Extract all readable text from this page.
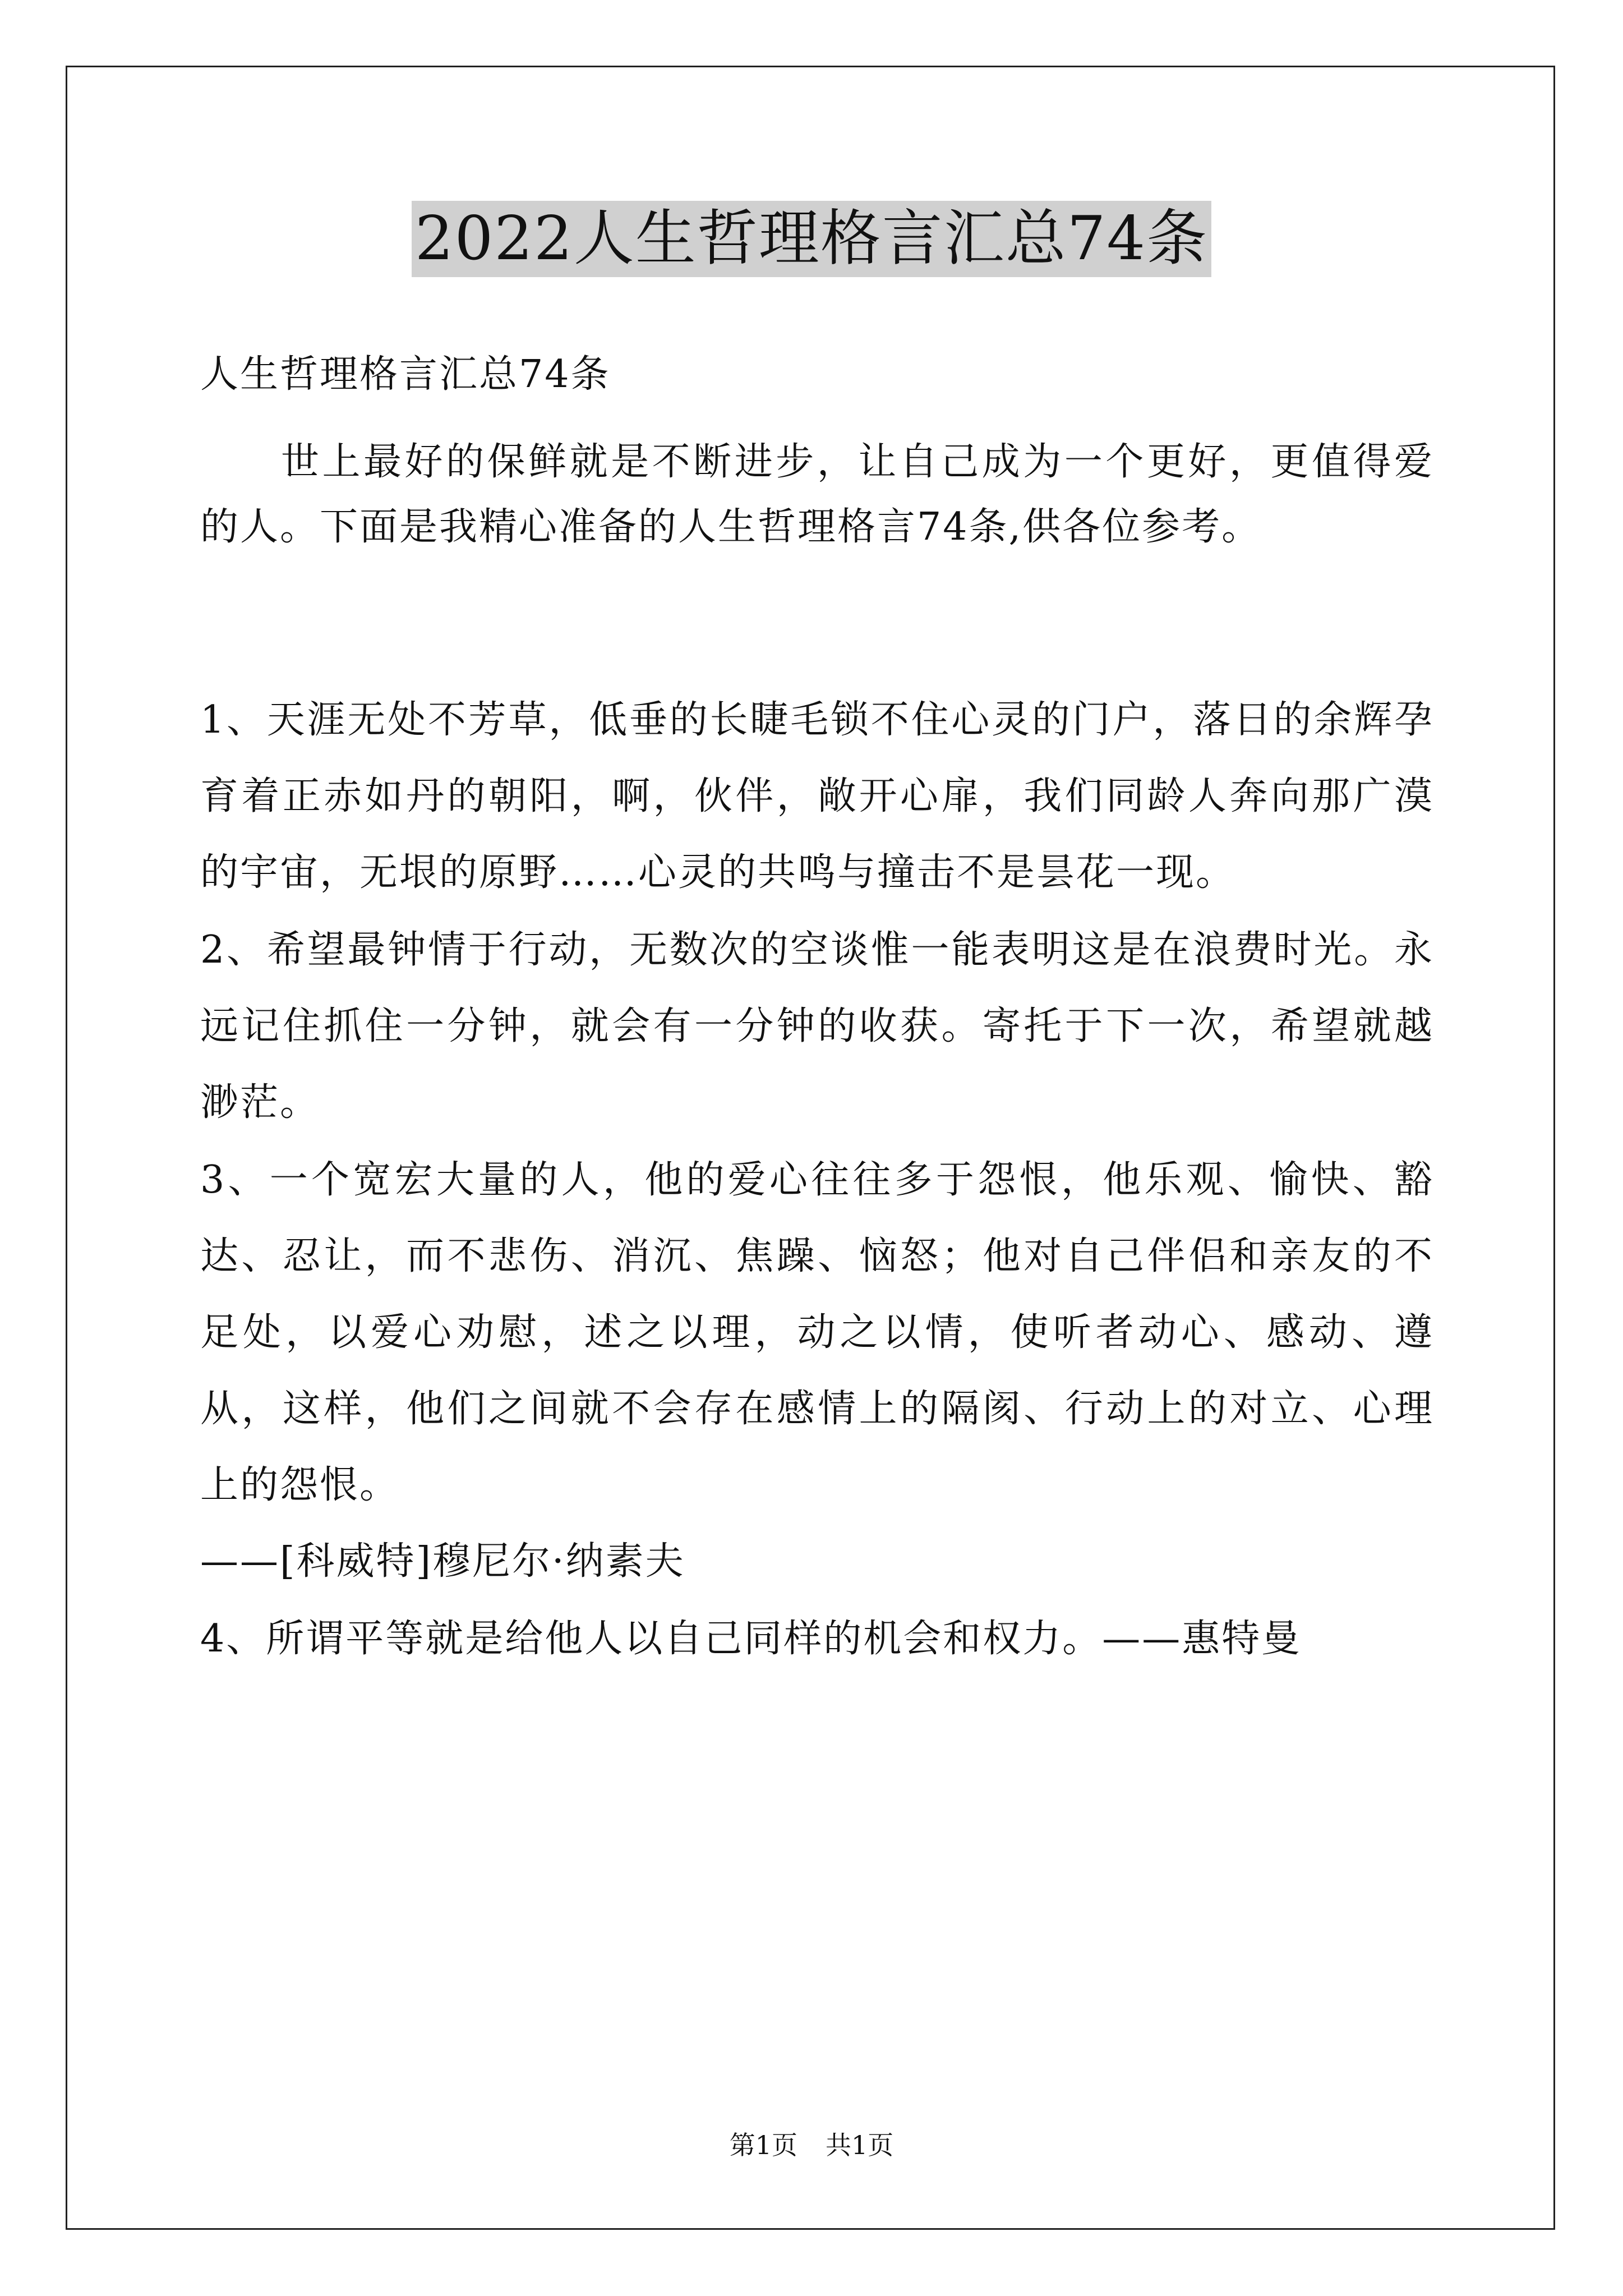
2022人生哲理格言汇总74条

人生哲理格言汇总74条

世上最好的保鲜就是不断进步，让自己成为一个更好，更值得爱的人。下面是我精心准备的人生哲理格言74条,供各位参考。

1、天涯无处不芳草，低垂的长睫毛锁不住心灵的门户，落日的余辉孕育着正赤如丹的朝阳，啊，伙伴，敞开心扉，我们同龄人奔向那广漠的宇宙，无垠的原野……心灵的共鸣与撞击不是昙花一现。

2、希望最钟情于行动，无数次的空谈惟一能表明这是在浪费时光。永远记住抓住一分钟，就会有一分钟的收获。寄托于下一次，希望就越渺茫。

3、一个宽宏大量的人，他的爱心往往多于怨恨，他乐观、愉快、豁达、忍让，而不悲伤、消沉、焦躁、恼怒；他对自己伴侣和亲友的不足处，以爱心劝慰，述之以理，动之以情，使听者动心、感动、遵从，这样，他们之间就不会存在感情上的隔阂、行动上的对立、心理上的怨恨。
——[科威特]穆尼尔·纳素夫

4、所谓平等就是给他人以自己同样的机会和权力。——惠特曼

第1页 共1页
